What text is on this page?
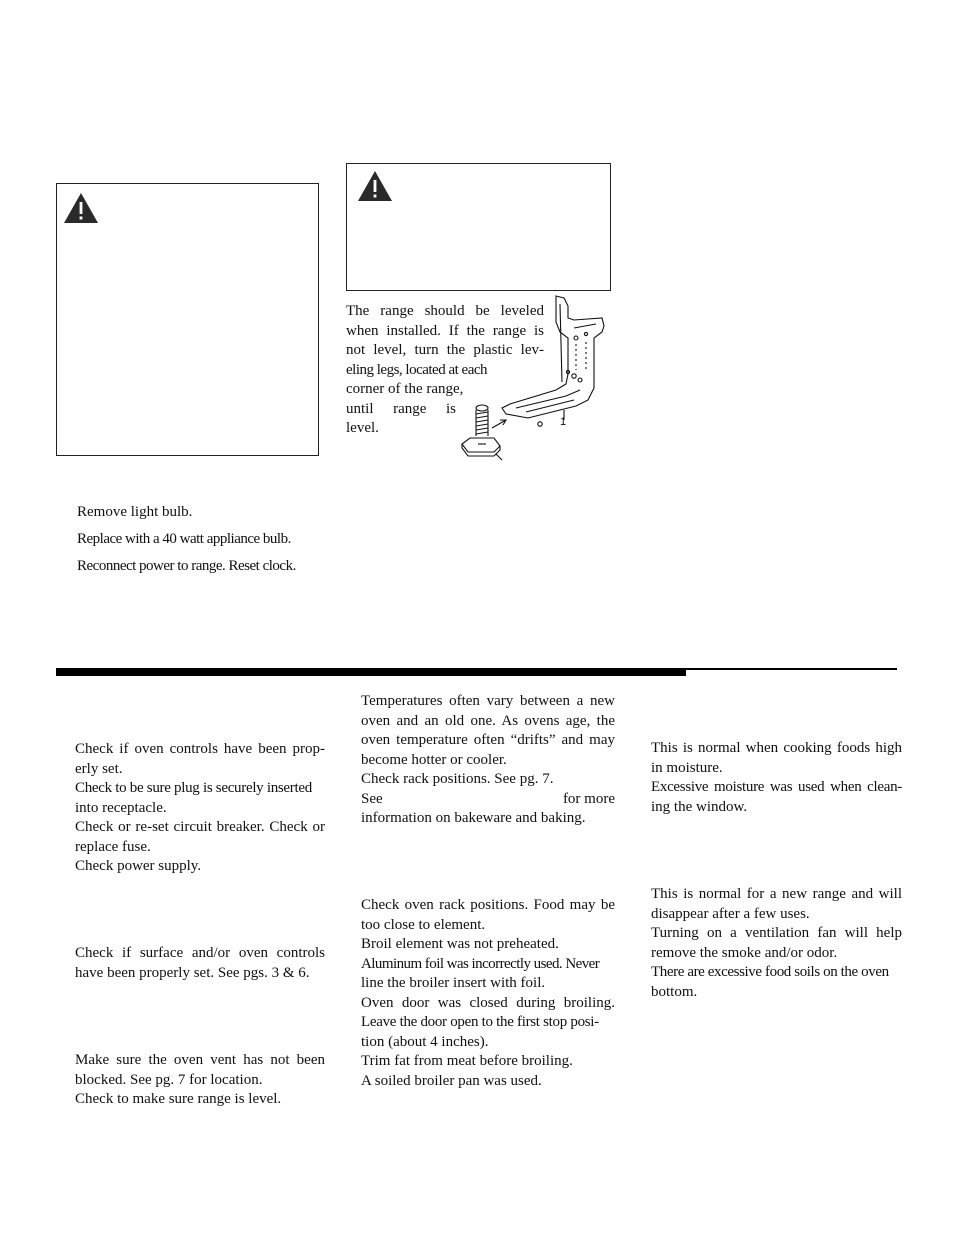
The range should be leveled

when installed. If the range is

not level, turn the plastic lev-

eling legs, located at each

corner of the range,

until range is

level.	1

Remove light bulb.

Replace with a 40 watt appliance bulb.

Reconnect power to range. Reset clock.

Check if oven controls have been prop-

erly set.

Check to be sure plug is securely inserted

into receptacle.

Check or re-set circuit breaker. Check or

replace fuse.

Check power supply.

Check if surface and/or oven controls

have been properly set. See pgs. 3 & 6.

Make sure the oven vent has not been

blocked. See pg. 7 for location.

Check to make sure range is level.

Temperatures often vary between a new

oven and an old one. As ovens age, the

oven temperature often “drifts” and may

become hotter or cooler.

Check rack positions. See pg. 7.

See	for more

information on bakeware and baking.

Check oven rack positions. Food may be

too close to element.

Broil element was not preheated.

Aluminum foil was incorrectly used. Never

line the broiler insert with foil.

Oven door was closed during broiling.

Leave the door open to the first stop posi-

tion (about 4 inches).

Trim fat from meat before broiling.

A soiled broiler pan was used.

This is normal when cooking foods high

in moisture.

Excessive moisture was used when clean-

ing the window.

This is normal for a new range and will

disappear after a few uses.

Turning on a ventilation fan will help

remove the smoke and/or odor.

There are excessive food soils on the oven

bottom.
